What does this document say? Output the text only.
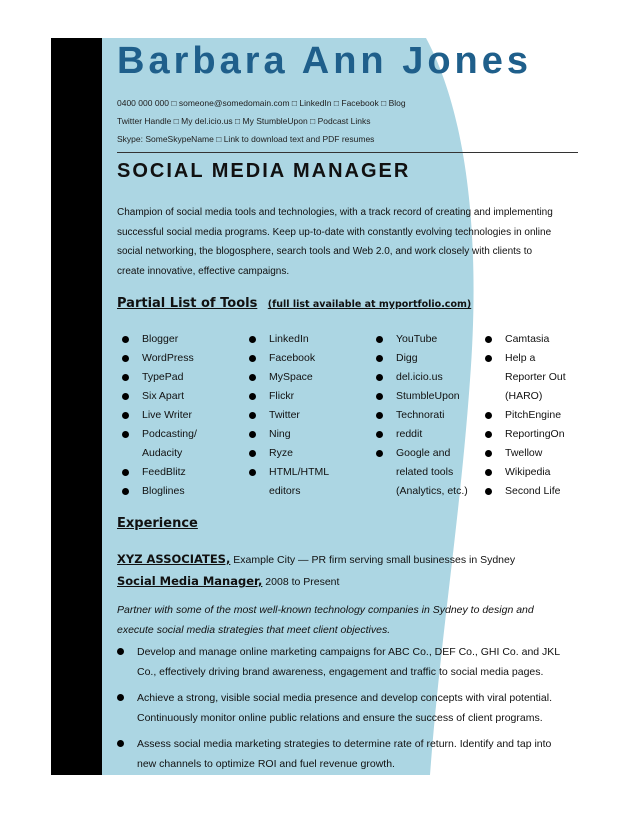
Barbara Ann Jones
0400 000 000 □ someone@somedomain.com □ LinkedIn □ Facebook □ Blog
Twitter Handle □ My del.icio.us □ My StumbleUpon □ Podcast Links
Skype: SomeSkypeName □ Link to download text and PDF resumes
SOCIAL MEDIA MANAGER
Champion of social media tools and technologies, with a track record of creating and implementing
successful social media programs. Keep up-to-date with constantly evolving technologies in online
social networking, the blogosphere, search tools and Web 2.0, and work closely with clients to
create innovative, effective campaigns.
Partial List of Tools (full list available at myportfolio.com)
Blogger
WordPress
TypePad
Six Apart
Live Writer
Podcasting/
Audacity
FeedBlitz
Bloglines
LinkedIn
Facebook
MySpace
Flickr
Twitter
Ning
Ryze
HTML/HTML
editors
YouTube
Digg
del.icio.us
StumbleUpon
Technorati
reddit
Google and
related tools
(Analytics, etc.)
Camtasia
Help a
Reporter Out
(HARO)
PitchEngine
ReportingOn
Twellow
Wikipedia
Second Life
Experience
XYZ ASSOCIATES, Example City — PR firm serving small businesses in Sydney
Social Media Manager, 2008 to Present
Partner with some of the most well-known technology companies in Sydney to design and
execute social media strategies that meet client objectives.
Develop and manage online marketing campaigns for ABC Co., DEF Co., GHI Co. and JKL
Co., effectively driving brand awareness, engagement and traffic to social media pages.
Achieve a strong, visible social media presence and develop concepts with viral potential.
Continuously monitor online public relations and ensure the success of client programs.
Assess social media marketing strategies to determine rate of return. Identify and tap into
new channels to optimize ROI and fuel revenue growth.
